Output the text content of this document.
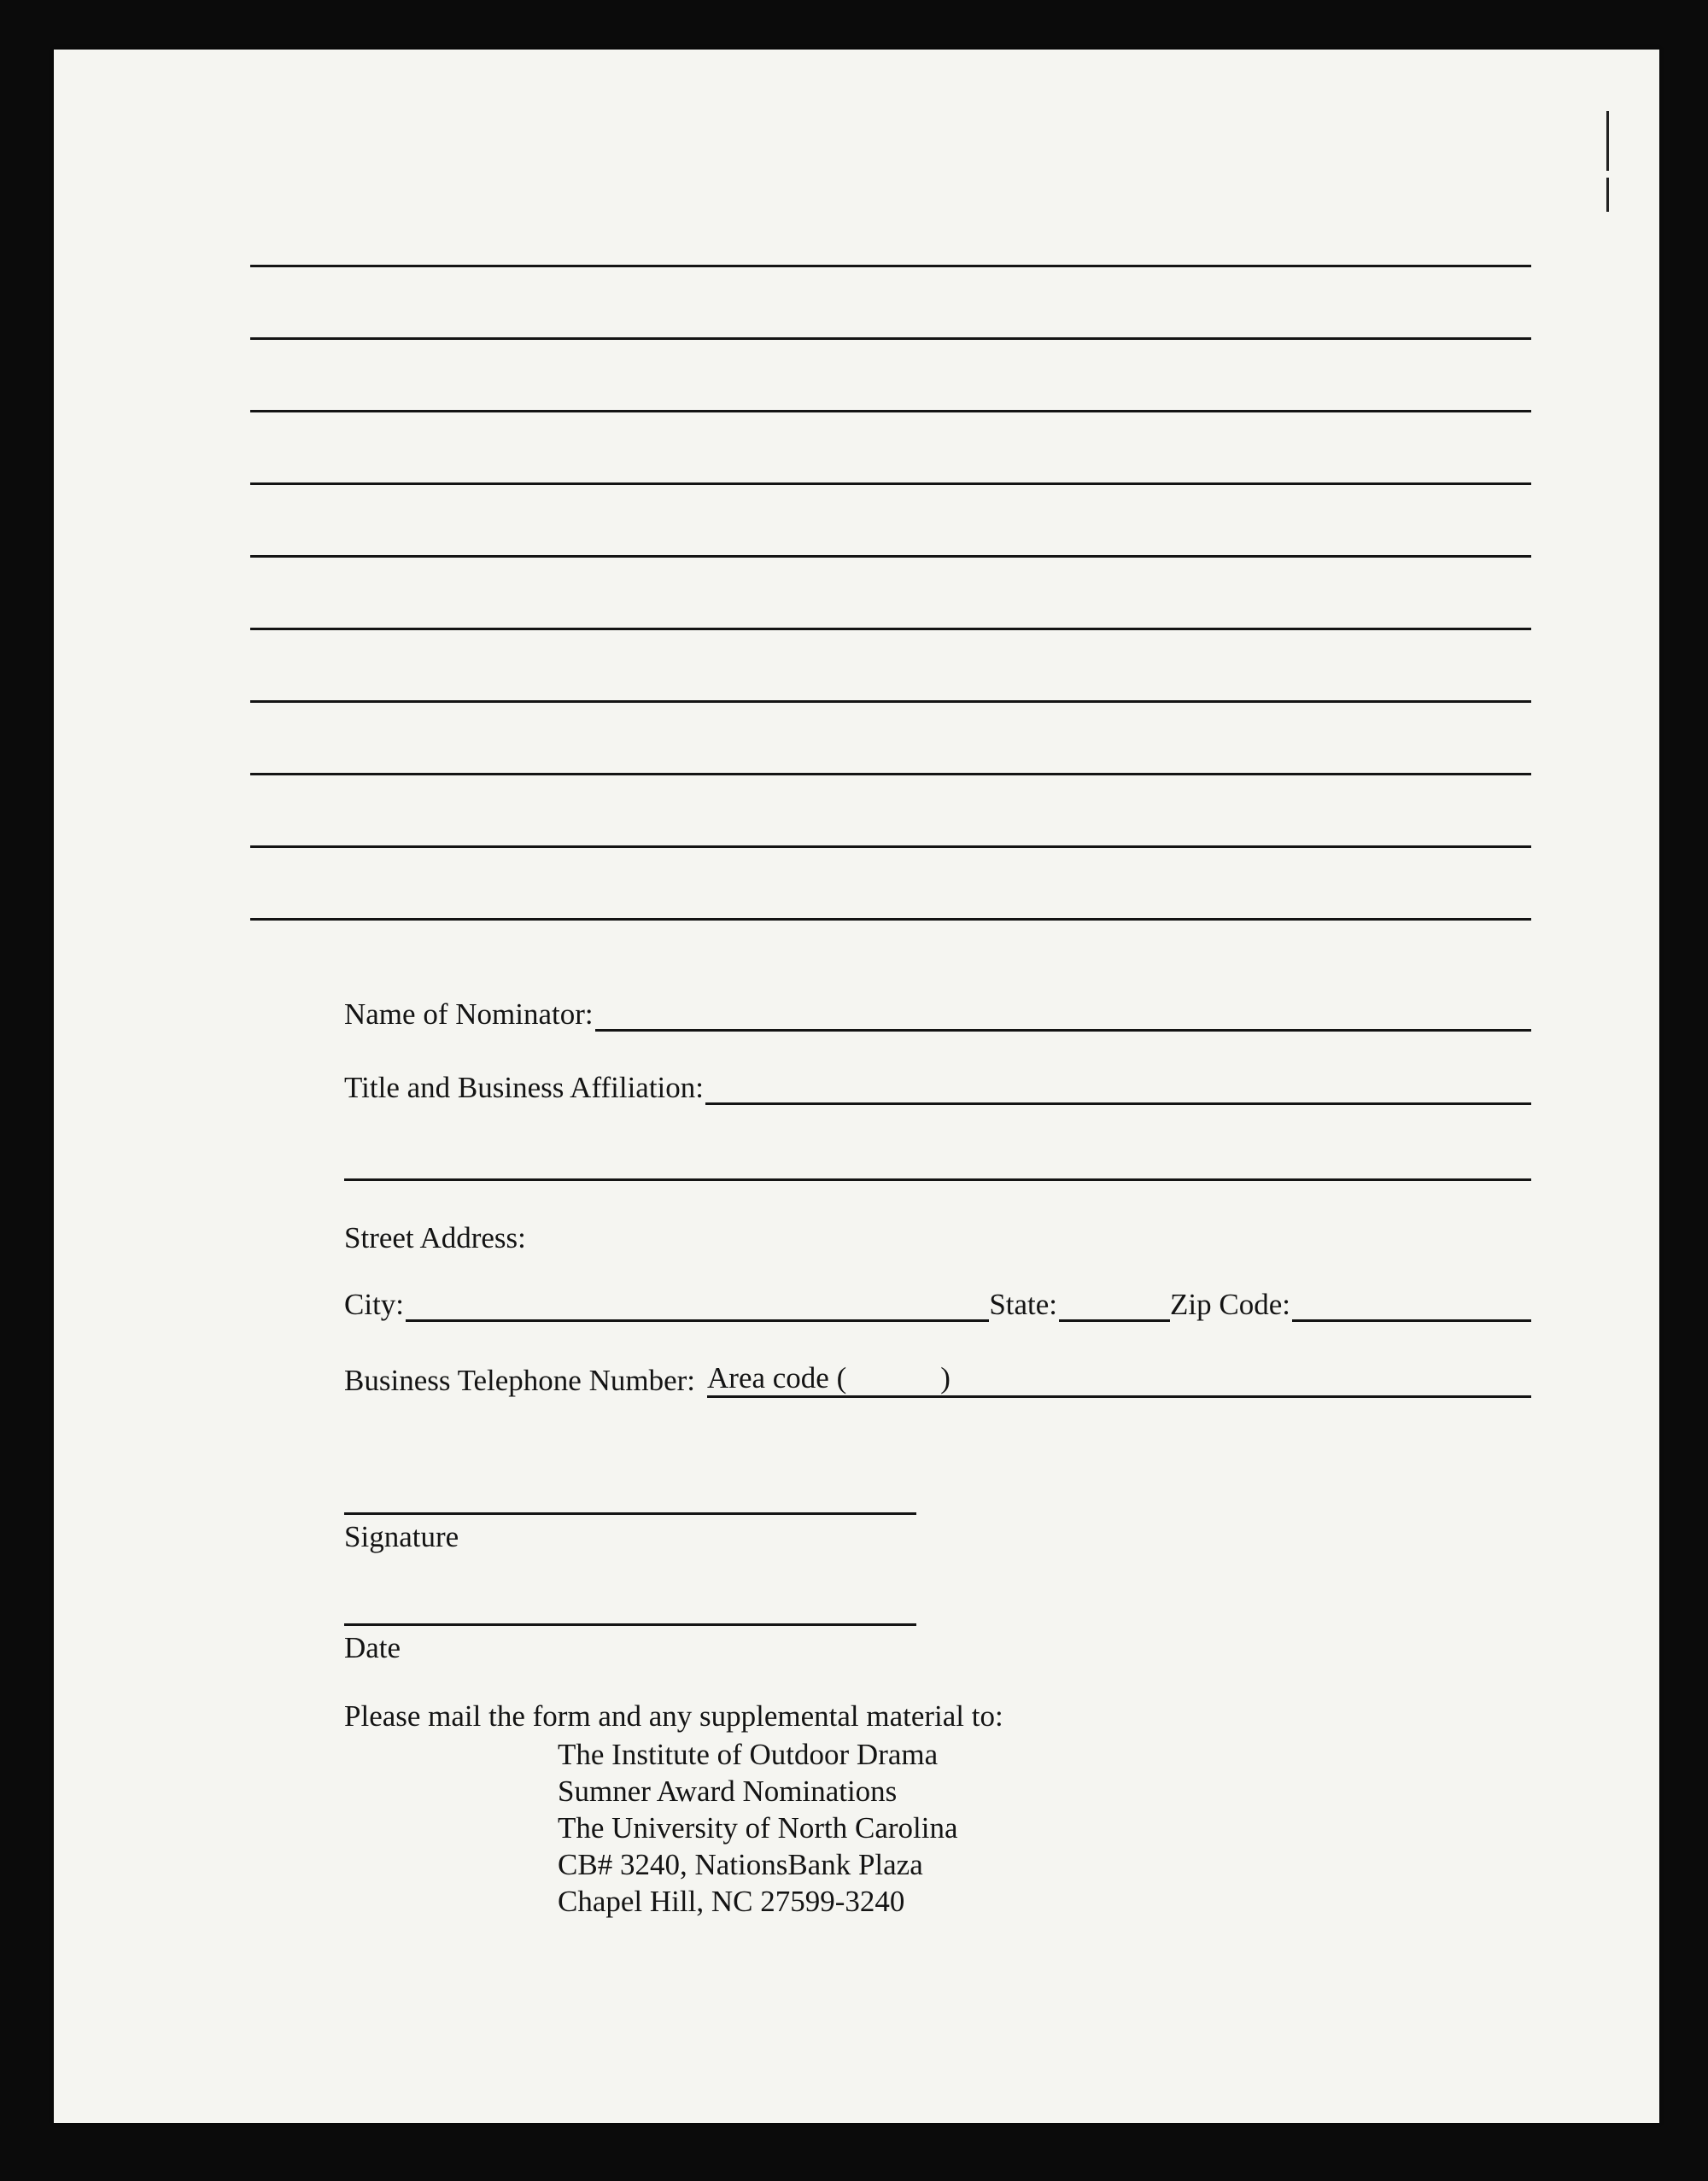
Name of Nominator:
Title and Business Affiliation:
Street Address:
City:	State:	Zip Code:
Business Telephone Number: Area code (	)
Signature
Date
Please mail the form and any supplemental material to:
The Institute of Outdoor Drama
Sumner Award Nominations
The University of North Carolina
CB# 3240, NationsBank Plaza
Chapel Hill, NC 27599-3240
